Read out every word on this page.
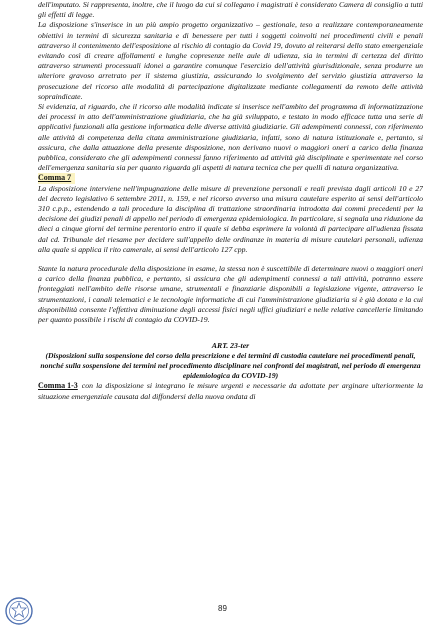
dell'imputato. Si rappresenta, inoltre, che il luogo da cui si collegano i magistrati è considerato Camera di consiglio a tutti gli effetti di legge.

La disposizione s'inserisce in un più ampio progetto organizzativo – gestionale, teso a realizzare contemporaneamente obiettivi in termini di sicurezza sanitaria e di benessere per tutti i soggetti coinvolti nei procedimenti civili e penali attraverso il contenimento dell'esposizione al rischio di contagio da Covid 19, dovuto al reiterarsi dello stato emergenziale evitando così di creare affollamenti e lunghe copresenze nelle aule di udienza, sia in termini di certezza del diritto attraverso strumenti processuali idonei a garantire comunque l'esercizio dell'attività giurisdizionale, senza produrre un ulteriore gravoso arretrato per il sistema giustizia, assicurando lo svolgimento del servizio giustizia attraverso la prosecuzione del ricorso alle modalità di partecipazione digitalizzate mediante collegamenti da remoto delle attività sopraindicate.

Si evidenzia, al riguardo, che il ricorso alle modalità indicate si inserisce nell'ambito del programma di informatizzazione dei processi in atto dell'amministrazione giudiziaria, che ha già sviluppato, e testato in modo efficace tutta una serie di applicativi funzionali alla gestione informatica delle diverse attività giudiziarie. Gli adempimenti connessi, con riferimento alle attività di competenza della citata amministrazione giudiziaria, infatti, sono di natura istituzionale e, pertanto, si assicura, che dalla attuazione della presente disposizione, non derivano nuovi o maggiori oneri a carico della finanza pubblica, considerato che gli adempimenti connessi fanno riferimento ad attività già disciplinate e sperimentate nel corso dell'emergenza sanitaria sia per quanto riguarda gli aspetti di natura tecnica che per quelli di natura organizzativa.

Comma 7

La disposizione interviene nell'impugnazione delle misure di prevenzione personali e reali prevista dagli articoli 10 e 27 del decreto legislativo 6 settembre 2011, n. 159, e nel ricorso avverso una misura cautelare esperito ai sensi dell'articolo 310 c.p.p., estendendo a tali procedure la disciplina di trattazione straordinaria introdotta dai commi precedenti per la decisione dei giudizi penali di appello nel periodo di emergenza epidemiologica. In particolare, si segnala una riduzione da dieci a cinque giorni del termine perentorio entro il quale si debba esprimere la volontà di partecipare all'udienza fissata dal cd. Tribunale del riesame per decidere sull'appello delle ordinanze in materia di misure cautelari personali, udienza alla quale si applica il rito camerale, ai sensi dell'articolo 127 cpp.

Stante la natura procedurale della disposizione in esame, la stessa non è suscettibile di determinare nuovi o maggiori oneri a carico della finanza pubblica, e pertanto, si assicura che gli adempimenti connessi a tali attività, potranno essere fronteggiati nell'ambito delle risorse umane, strumentali e finanziarie disponibili a legislazione vigente, attraverso le strumentazioni, i canali telematici e le tecnologie informatiche di cui l'amministrazione giudiziaria si è già dotata e la cui disponibilità consente l'effettiva diminuzione degli accessi fisici negli uffici giudiziari e nelle relative cancellerie limitando per quanto possibile i rischi di contagio da COVID-19.

ART. 23-ter

(Disposizioni sulla sospensione del corso della prescrizione e dei termini di custodia cautelare nei procedimenti penali, nonché sulla sospensione dei termini nel procedimento disciplinare nei confronti dei magistrati, nel periodo di emergenza epidemiologica da COVID-19)

Comma 1-3 con la disposizione si integrano le misure urgenti e necessarie da adottate per arginare ulteriormente la situazione emergenziale causata dal diffondersi della nuova ondata di

89
